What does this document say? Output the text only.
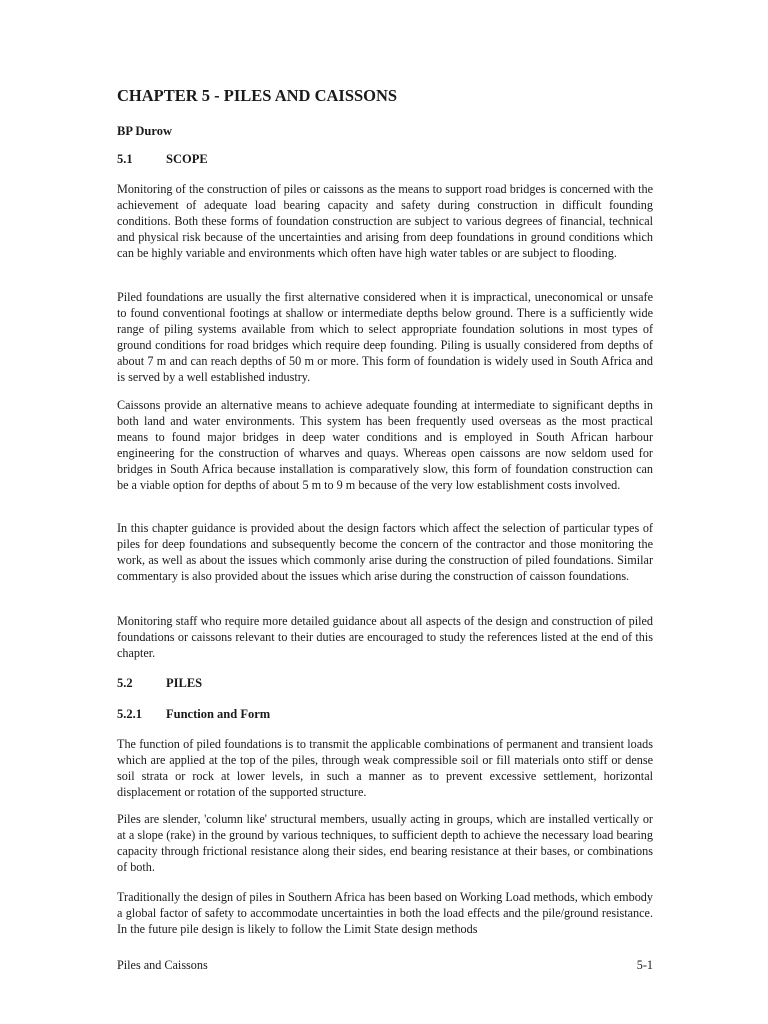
CHAPTER 5 - PILES AND CAISSONS

BP Durow

5.1	SCOPE

Monitoring of the construction of piles or caissons as the means to support road bridges is concerned with the achievement of adequate load bearing capacity and safety during construction in difficult founding conditions. Both these forms of foundation construction are subject to various degrees of financial, technical and physical risk because of the uncertainties and arising from deep foundations in ground conditions which can be highly variable and environments which often have high water tables or are subject to flooding.

Piled foundations are usually the first alternative considered when it is impractical, uneconomical or unsafe to found conventional footings at shallow or intermediate depths below ground. There is a sufficiently wide range of piling systems available from which to select appropriate foundation solutions in most types of ground conditions for road bridges which require deep founding. Piling is usually considered from depths of about 7 m and can reach depths of 50 m or more. This form of foundation is widely used in South Africa and is served by a well established industry.

Caissons provide an alternative means to achieve adequate founding at intermediate to significant depths in both land and water environments. This system has been frequently used overseas as the most practical means to found major bridges in deep water conditions and is employed in South African harbour engineering for the construction of wharves and quays. Whereas open caissons are now seldom used for bridges in South Africa because installation is comparatively slow, this form of foundation construction can be a viable option for depths of about 5 m to 9 m because of the very low establishment costs involved.

In this chapter guidance is provided about the design factors which affect the selection of particular types of piles for deep foundations and subsequently become the concern of the contractor and those monitoring the work, as well as about the issues which commonly arise during the construction of piled foundations. Similar commentary is also provided about the issues which arise during the construction of caisson foundations.

Monitoring staff who require more detailed guidance about all aspects of the design and construction of piled foundations or caissons relevant to their duties are encouraged to study the references listed at the end of this chapter.

5.2	PILES
5.2.1 Function and Form

The function of piled foundations is to transmit the applicable combinations of permanent and transient loads which are applied at the top of the piles, through weak compressible soil or fill materials onto stiff or dense soil strata or rock at lower levels, in such a manner as to prevent excessive settlement, horizontal displacement or rotation of the supported structure.

Piles are slender, 'column like' structural members, usually acting in groups, which are installed vertically or at a slope (rake) in the ground by various techniques, to sufficient depth to achieve the necessary load bearing capacity through frictional resistance along their sides, end bearing resistance at their bases, or combinations of both.

Traditionally the design of piles in Southern Africa has been based on Working Load methods, which embody a global factor of safety to accommodate uncertainties in both the load effects and the pile/ground resistance. In the future pile design is likely to follow the Limit State design methods

Piles and Caissons	5-1
